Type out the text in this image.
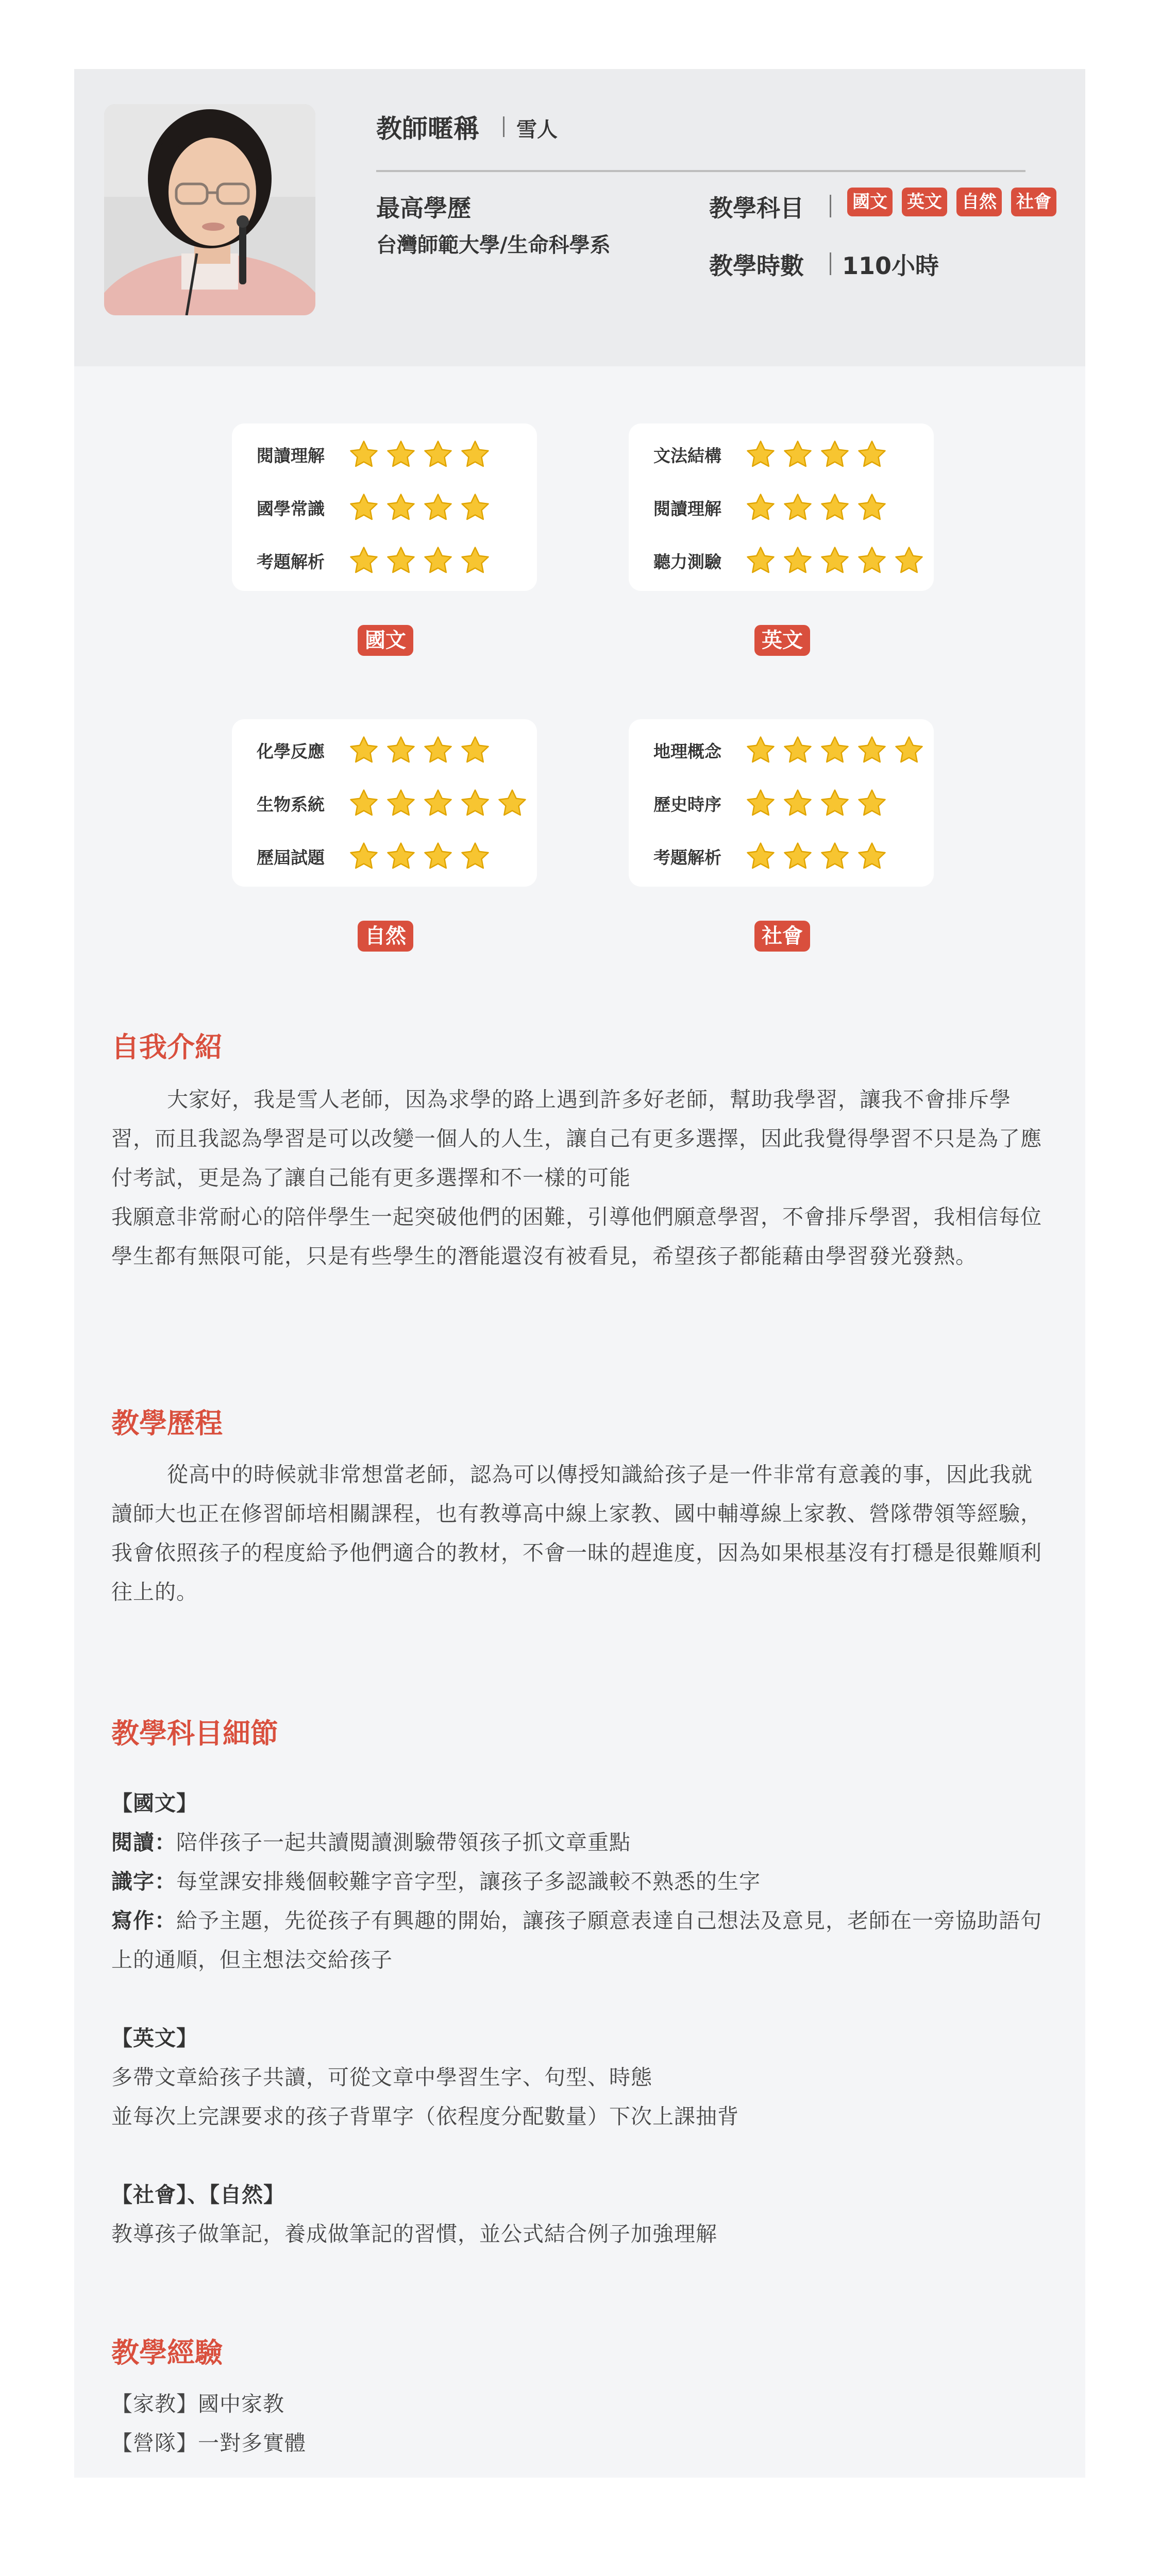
教師暱稱 雪人
最高學歷
台灣師範大學/生命科學系
教學科目	國文 英文 自然 社會
教學時數 110小時
閱讀理解
國學常識
考題解析
國文
文法結構
閱讀理解
聽力測驗
英文
化學反應
生物系統
歷屆試題
自然
地理概念
歷史時序
考題解析
社會
自我介紹

大家好，我是雪人老師，因為求學的路上遇到許多好老師，幫助我學習，讓我不會排斥學習，而且我認為學習是可以改變一個人的人生，讓自己有更多選擇，因此我覺得學習不只是為了應付考試，更是為了讓自己能有更多選擇和不一樣的可能

我願意非常耐心的陪伴學生一起突破他們的困難，引導他們願意學習，不會排斥學習，我相信每位學生都有無限可能，只是有些學生的潛能還沒有被看見，希望孩子都能藉由學習發光發熱。

教學歷程

從高中的時候就非常想當老師，認為可以傳授知識給孩子是一件非常有意義的事，因此我就讀師大也正在修習師培相關課程，也有教導高中線上家教、國中輔導線上家教、營隊帶領等經驗，我會依照孩子的程度給予他們適合的教材，不會一昧的趕進度，因為如果根基沒有打穩是很難順利往上的。

教學科目細節

【國文】

閱讀：陪伴孩子一起共讀閱讀測驗帶領孩子抓文章重點

識字：每堂課安排幾個較難字音字型，讓孩子多認識較不熟悉的生字

寫作：給予主題，先從孩子有興趣的開始，讓孩子願意表達自己想法及意見，老師在一旁協助語句上的通順，但主想法交給孩子

【英文】

多帶文章給孩子共讀，可從文章中學習生字、句型、時態

並每次上完課要求的孩子背單字（依程度分配數量）下次上課抽背

【社會】、【自然】

教導孩子做筆記，養成做筆記的習慣，並公式結合例子加強理解

教學經驗

【家教】國中家教

【營隊】一對多實體
